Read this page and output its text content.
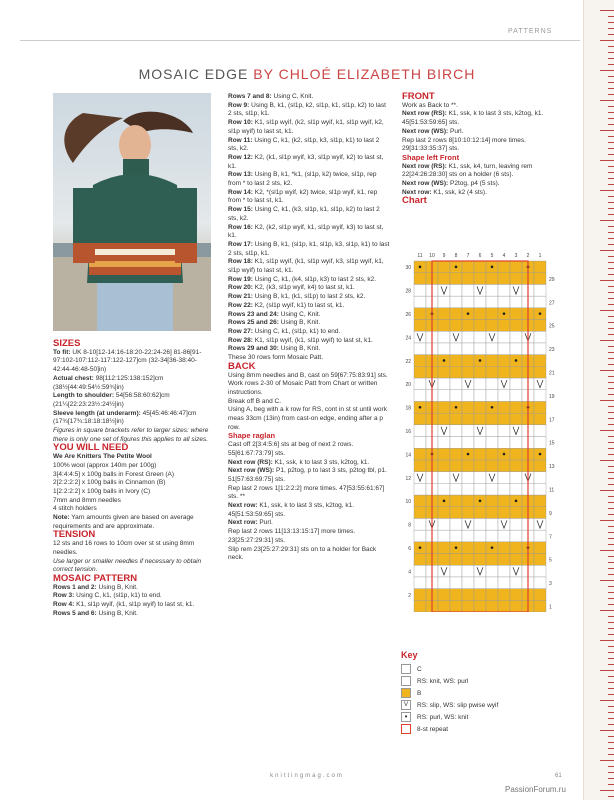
PATTERNS
MOSAIC EDGE BY CHLOÉ ELIZABETH BIRCH

SIZES

To fit: UK 8-10[12-14:16-18:20-22:24-26] 81-86[91-97:102-107:112-117:122-127]cm (32-34[36-38:40-42:44-46:48-50]in)

Actual chest: 98[112:125:138:152]cm (38½[44:49:54½:59¾]in)

Length to shoulder: 54[56:58:60:62]cm (21¼[22:23:23½:24½]in)

Sleeve length (at underarm): 45[45:46:46:47]cm (17¾[17¾:18:18:18½]in)

Figures in square brackets refer to larger sizes: where there is only one set of figures this applies to all sizes.

YOU WILL NEED

We Are Knitters The Petite Wool

100% wool (approx 140m per 100g)

3[4:4:4:5] x 100g balls in Forest Green (A)

2[2:2:2:2] x 100g balls in Cinnamon (B)

1[2:2:2:2] x 100g balls in Ivory (C)

7mm and 8mm needles

4 stitch holders

Note: Yarn amounts given are based on average requirements and are approximate.

TENSION

12 sts and 16 rows to 10cm over st st using 8mm needles.

Use larger or smaller needles if necessary to obtain correct tension.

MOSAIC PATTERN

Rows 1 and 2: Using B, Knit.

Row 3: Using C, k1, (sl1p, k1) to end.

Row 4: K1, sl1p wyif, (k1, sl1p wyif) to last st, k1.

Rows 5 and 6: Using B, Knit.

Rows 7 and 8: Using C, Knit.

Row 9: Using B, k1, (sl1p, k2, sl1p, k1, sl1p, k2) to last 2 sts, sl1p, k1.

Row 10: K1, sl1p wyif, (k2, sl1p wyif, k1, sl1p wyif, k2, sl1p wyif) to last st, k1.

Row 11: Using C, k1, (k2, sl1p, k3, sl1p, k1) to last 2 sts, k2.

Row 12: K2, (k1, sl1p wyif, k3, sl1p wyif, k2) to last st, k1.

Row 13: Using B, k1, *k1, (sl1p, k2) twice, sl1p, rep from * to last 2 sts, k2.

Row 14: K2, *(sl1p wyif, k2) twice, sl1p wyif, k1, rep from * to last st, k1.

Row 15: Using C, k1, (k3, sl1p, k1, sl1p, k2) to last 2 sts, k2.

Row 16: K2, (k2, sl1p wyif, k1, sl1p wyif, k3) to last st, k1.

Row 17: Using B, k1, (sl1p, k1, sl1p, k3, sl1p, k1) to last 2 sts, sl1p, k1.

Row 18: K1, sl1p wyif, (k1, sl1p wyif, k3, sl1p wyif, k1, sl1p wyif) to last st, k1.

Row 19: Using C, k1, (k4, sl1p, k3) to last 2 sts, k2.

Row 20: K2, (k3, sl1p wyif, k4) to last st, k1.

Row 21: Using B, k1, (k1, sl1p) to last 2 sts, k2.

Row 22: K2, (sl1p wyif, k1) to last st, k1.

Rows 23 and 24: Using C, Knit.

Rows 25 and 26: Using B, Knit.

Row 27: Using C, k1, (sl1p, k1) to end.

Row 28: K1, sl1p wyif, (k1, sl1p wyif) to last st, k1.

Rows 29 and 30: Using B, Knit.

These 30 rows form Mosaic Patt.

BACK

Using 8mm needles and B, cast on 59[67:75:83:91] sts.

Work rows 2-30 of Mosaic Patt from Chart or written instructions.

Break off B and C.

Using A, beg with a k row for RS, cont in st st until work meas 33cm (13in) from cast-on edge, ending after a p row.

Shape raglan

Cast off 2[3:4:5:6] sts at beg of next 2 rows. 55[61:67:73:79] sts.

Next row (RS): K1, ssk, k to last 3 sts, k2tog, k1.

Next row (WS): P1, p2tog, p to last 3 sts, p2tog tbl, p1. 51[57:63:69:75] sts.

Rep last 2 rows 1[1:2:2:2] more times. 47[53:55:61:67] sts. **

Next row: K1, ssk, k to last 3 sts, k2tog, k1. 45[51:53:59:65] sts.

Next row: Purl.

Rep last 2 rows 11[13:13:15:17] more times. 23[25:27:29:31] sts.

Slip rem 23[25:27:29:31] sts on to a holder for Back neck.

FRONT

Work as Back to **.

Next row (RS): K1, ssk, k to last 3 sts, k2tog, k1. 45[51:53:59:65] sts.

Next row (WS): Purl.

Rep last 2 rows 8[10:10:12:14] more times. 29[31:33:35:37] sts.

Shape left Front

Next row (RS): K1, ssk, k4, turn, leaving rem 22[24:26:28:30] sts on a holder (6 sts).

Next row (WS): P2tog, p4 (5 sts).

Next row: K1, ssk, k2 (4 sts).

Chart

11 10 9 8 7 6 5 4 3 2 1
30
28
26
24
22
20
18
16
14
12
10
8
6
4
2
29
27
25
23
21
19
17
15
13
11
9
7
5
3
1
Key
C
RS: knit, WS: purl
B
V	RS: slip, WS: slip pwise wyif
•	RS: purl, WS: knit
8-st repeat
knittingmag.com	61
PassionForum.ru
